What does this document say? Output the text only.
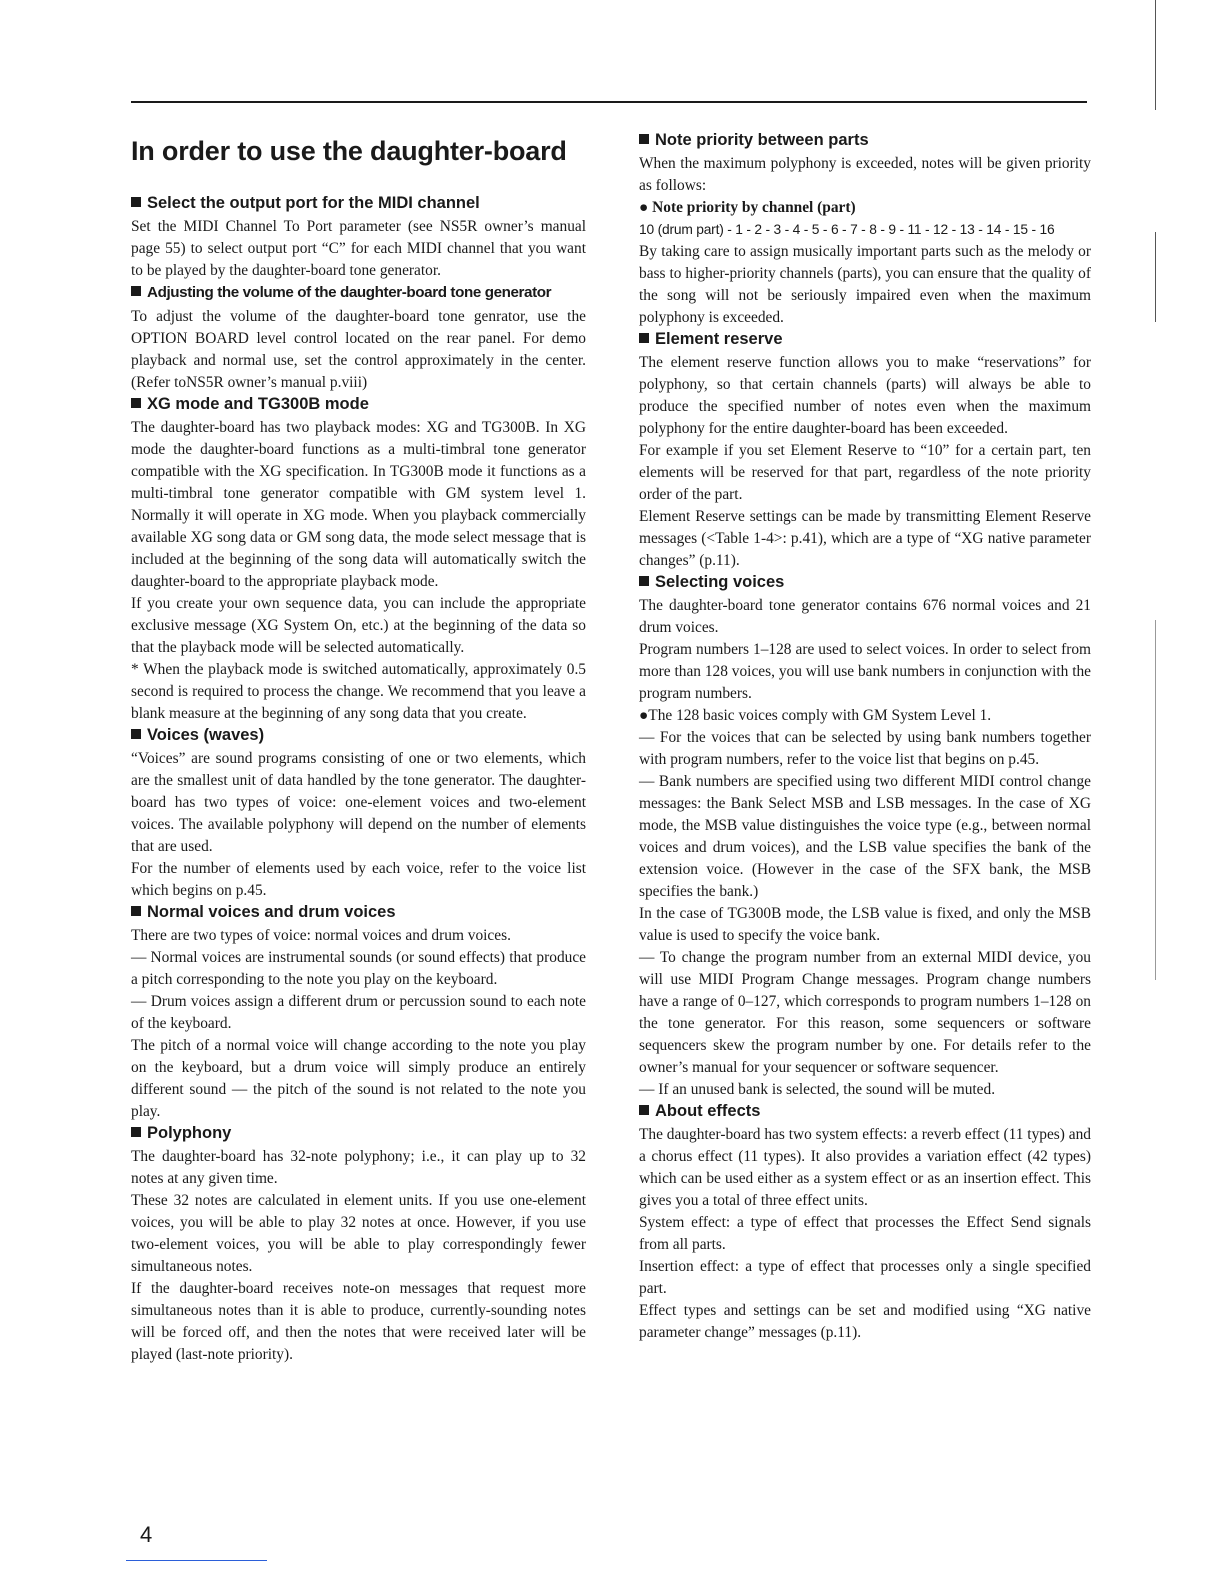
In order to use the daughter-board
Select the output port for the MIDI channel

Set the MIDI Channel To Port parameter (see NS5R owner’s manual page 55) to select output port “C” for each MIDI channel that you want to be played by the daughter-board tone generator.

Adjusting the volume of the daughter-board tone generator

To adjust the volume of the daughter-board tone genrator, use the OPTION BOARD level control located on the rear panel. For demo playback and normal use, set the control approximately in the center. (Refer toNS5R owner’s manual p.viii)

XG mode and TG300B mode

The daughter-board has two playback modes: XG and TG300B. In XG mode the daughter-board functions as a multi-timbral tone generator compatible with the XG specification. In TG300B mode it functions as a multi-timbral tone generator compatible with GM system level 1. Normally it will operate in XG mode. When you playback commercially available XG song data or GM song data, the mode select message that is included at the beginning of the song data will automatically switch the daughter-board to the appropriate playback mode.

If you create your own sequence data, you can include the appropriate exclusive message (XG System On, etc.) at the beginning of the data so that the playback mode will be selected automatically.

* When the playback mode is switched automatically, approximately 0.5 second is required to process the change. We recommend that you leave a blank measure at the beginning of any song data that you create.

Voices (waves)

“Voices” are sound programs consisting of one or two elements, which are the smallest unit of data handled by the tone generator. The daughter-board has two types of voice: one-element voices and two-element voices. The available polyphony will depend on the number of elements that are used.

For the number of elements used by each voice, refer to the voice list which begins on p.45.

Normal voices and drum voices

There are two types of voice: normal voices and drum voices.

— Normal voices are instrumental sounds (or sound effects) that produce a pitch corresponding to the note you play on the keyboard.

— Drum voices assign a different drum or percussion sound to each note of the keyboard.

The pitch of a normal voice will change according to the note you play on the keyboard, but a drum voice will simply produce an entirely different sound — the pitch of the sound is not related to the note you play.

Polyphony

The daughter-board has 32-note polyphony; i.e., it can play up to 32 notes at any given time.

These 32 notes are calculated in element units. If you use one-element voices, you will be able to play 32 notes at once. However, if you use two-element voices, you will be able to play correspondingly fewer simultaneous notes.

If the daughter-board receives note-on messages that request more simultaneous notes than it is able to produce, currently-sounding notes will be forced off, and then the notes that were received later will be played (last-note priority).

Note priority between parts

When the maximum polyphony is exceeded, notes will be given priority as follows:

● Note priority by channel (part)

10 (drum part) - 1 - 2 - 3 - 4 - 5 - 6 - 7 - 8 - 9 - 11 - 12 - 13 - 14 - 15 - 16

By taking care to assign musically important parts such as the melody or bass to higher-priority channels (parts), you can ensure that the quality of the song will not be seriously impaired even when the maximum polyphony is exceeded.

Element reserve

The element reserve function allows you to make “reservations” for polyphony, so that certain channels (parts) will always be able to produce the specified number of notes even when the maximum polyphony for the entire daughter-board has been exceeded.

For example if you set Element Reserve to “10” for a certain part, ten elements will be reserved for that part, regardless of the note priority order of the part.

Element Reserve settings can be made by transmitting Element Reserve messages (<Table 1-4>: p.41), which are a type of “XG native parameter changes” (p.11).

Selecting voices

The daughter-board tone generator contains 676 normal voices and 21 drum voices.

Program numbers 1–128 are used to select voices. In order to select from more than 128 voices, you will use bank numbers in conjunction with the program numbers.

●The 128 basic voices comply with GM System Level 1.

— For the voices that can be selected by using bank numbers together with program numbers, refer to the voice list that begins on p.45.

— Bank numbers are specified using two different MIDI control change messages: the Bank Select MSB and LSB messages. In the case of XG mode, the MSB value distinguishes the voice type (e.g., between normal voices and drum voices), and the LSB value specifies the bank of the extension voice. (However in the case of the SFX bank, the MSB specifies the bank.)

In the case of TG300B mode, the LSB value is fixed, and only the MSB value is used to specify the voice bank.

— To change the program number from an external MIDI device, you will use MIDI Program Change messages. Program change numbers have a range of 0–127, which corresponds to program numbers 1–128 on the tone generator. For this reason, some sequencers or software sequencers skew the program number by one. For details refer to the owner’s manual for your sequencer or software sequencer.

— If an unused bank is selected, the sound will be muted.

About effects

The daughter-board has two system effects: a reverb effect (11 types) and a chorus effect (11 types). It also provides a variation effect (42 types) which can be used either as a system effect or as an insertion effect. This gives you a total of three effect units.

System effect: a type of effect that processes the Effect Send signals from all parts.

Insertion effect: a type of effect that processes only a single specified part.

Effect types and settings can be set and modified using “XG native parameter change” messages (p.11).

4
